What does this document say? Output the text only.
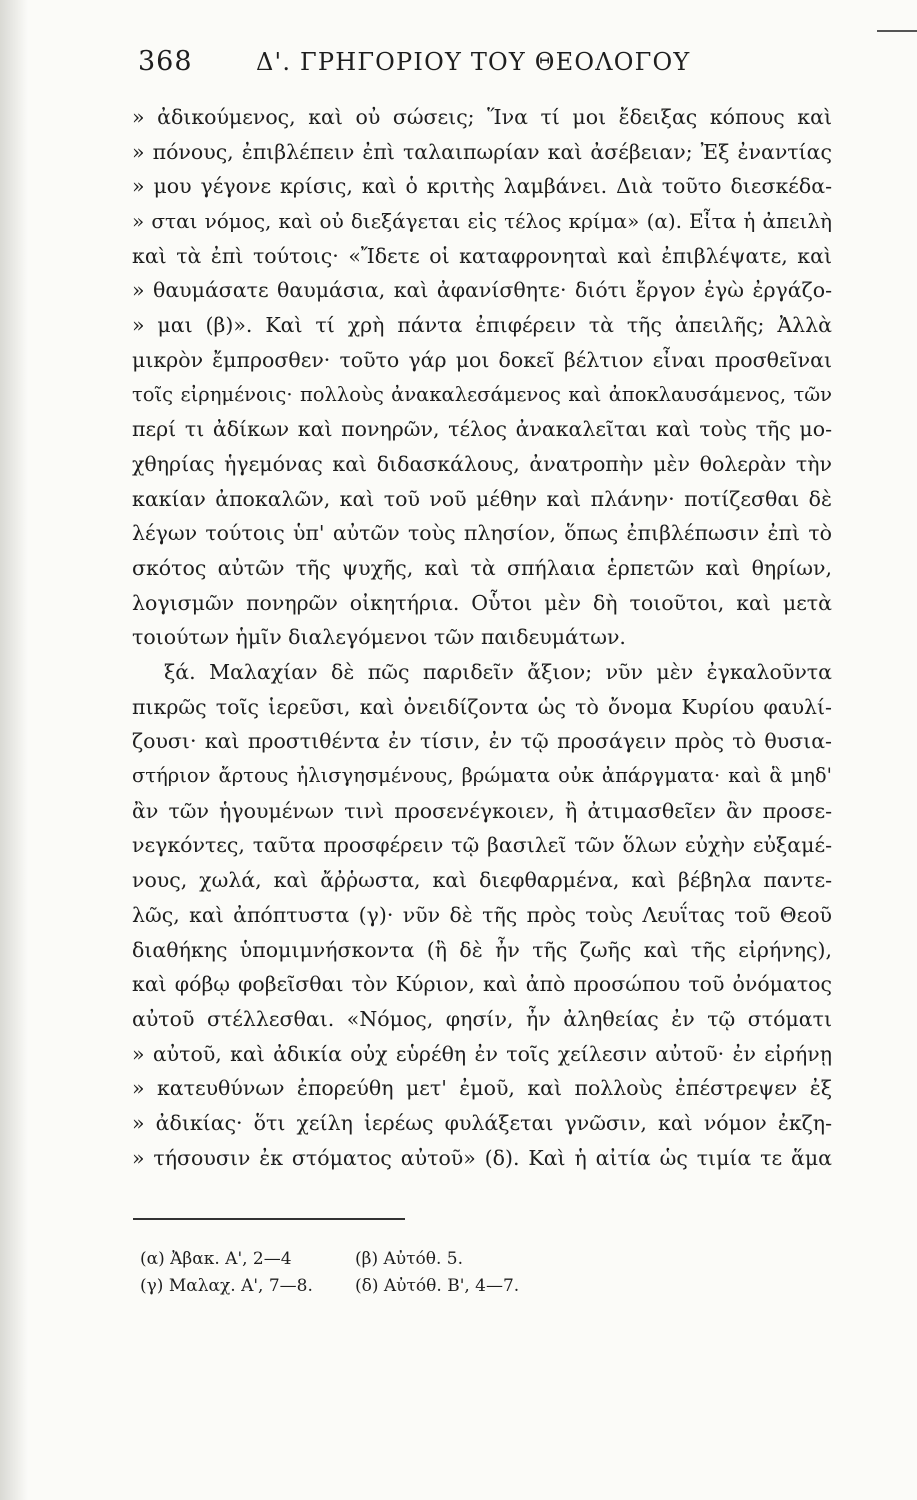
368	Δ'. ΓΡΗΓΟΡΙΟΥ ΤΟΥ ΘΕΟΛΟΓΟΥ
» ἀδικούμενος, καὶ οὐ σώσεις; Ἵνα τί μοι ἔδειξας κόπους καὶ
» πόνους, ἐπιβλέπειν ἐπὶ ταλαιπωρίαν καὶ ἀσέβειαν; Ἐξ ἐναντίας
» μου γέγονε κρίσις, καὶ ὁ κριτὴς λαμβάνει. Διὰ τοῦτο διεσκέδα-
» σται νόμος, καὶ οὐ διεξάγεται εἰς τέλος κρίμα» (α). Εἶτα ἡ ἀπειλὴ
καὶ τὰ ἐπὶ τούτοις· «Ἴδετε οἱ καταφρονηταὶ καὶ ἐπιβλέψατε, καὶ
» θαυμάσατε θαυμάσια, καὶ ἀφανίσθητε· διότι ἔργον ἐγὼ ἐργάζο-
» μαι (β)». Καὶ τί χρὴ πάντα ἐπιφέρειν τὰ τῆς ἀπειλῆς; Ἀλλὰ
μικρὸν ἔμπροσθεν· τοῦτο γάρ μοι δοκεῖ βέλτιον εἶναι προσθεῖναι
τοῖς εἰρημένοις· πολλοὺς ἀνακαλεσάμενος καὶ ἀποκλαυσάμενος, τῶν
περί τι ἀδίκων καὶ πονηρῶν, τέλος ἀνακαλεῖται καὶ τοὺς τῆς μο-
χθηρίας ἡγεμόνας καὶ διδασκάλους, ἀνατροπὴν μὲν θολερὰν τὴν
κακίαν ἀποκαλῶν, καὶ τοῦ νοῦ μέθην καὶ πλάνην· ποτίζεσθαι δὲ
λέγων τούτοις ὑπ' αὐτῶν τοὺς πλησίον, ὅπως ἐπιβλέπωσιν ἐπὶ τὸ
σκότος αὐτῶν τῆς ψυχῆς, καὶ τὰ σπήλαια ἑρπετῶν καὶ θηρίων,
λογισμῶν πονηρῶν οἰκητήρια. Οὗτοι μὲν δὴ τοιοῦτοι, καὶ μετὰ
τοιούτων ἡμῖν διαλεγόμενοι τῶν παιδευμάτων.
ξά. Μαλαχίαν δὲ πῶς παριδεῖν ἄξιον; νῦν μὲν ἐγκαλοῦντα
πικρῶς τοῖς ἱερεῦσι, καὶ ὀνειδίζοντα ὡς τὸ ὄνομα Κυρίου φαυλί-
ζουσι· καὶ προστιθέντα ἐν τίσιν, ἐν τῷ προσάγειν πρὸς τὸ θυσια-
στήριον ἄρτους ἠλισγησμένους, βρώματα οὐκ ἀπάργματα· καὶ ἃ μηδ'
ἂν τῶν ἡγουμένων τινὶ προσενέγκοιεν, ἢ ἀτιμασθεῖεν ἂν προσε-
νεγκόντες, ταῦτα προσφέρειν τῷ βασιλεῖ τῶν ὅλων εὐχὴν εὐξαμέ-
νους, χωλά, καὶ ἄῤῥωστα, καὶ διεφθαρμένα, καὶ βέβηλα παντε-
λῶς, καὶ ἀπόπτυστα (γ)· νῦν δὲ τῆς πρὸς τοὺς Λευΐτας τοῦ Θεοῦ
διαθήκης ὑπομιμνήσκοντα (ἣ δὲ ἦν τῆς ζωῆς καὶ τῆς εἰρήνης),
καὶ φόβῳ φοβεῖσθαι τὸν Κύριον, καὶ ἀπὸ προσώπου τοῦ ὀνόματος
αὐτοῦ στέλλεσθαι. «Νόμος, φησίν, ἦν ἀληθείας ἐν τῷ στόματι
» αὐτοῦ, καὶ ἀδικία οὐχ εὑρέθη ἐν τοῖς χείλεσιν αὐτοῦ· ἐν εἰρήνῃ
» κατευθύνων ἐπορεύθη μετ' ἐμοῦ, καὶ πολλοὺς ἐπέστρεψεν ἐξ
» ἀδικίας· ὅτι χείλη ἱερέως φυλάξεται γνῶσιν, καὶ νόμον ἐκζη-
» τήσουσιν ἐκ στόματος αὐτοῦ» (δ). Καὶ ἡ αἰτία ὡς τιμία τε ἅμα
(α) Ἀβακ. Α', 2—4	(β) Αὐτόθ. 5.
(γ) Μαλαχ. Α', 7—8.	(δ) Αὐτόθ. Β', 4—7.
